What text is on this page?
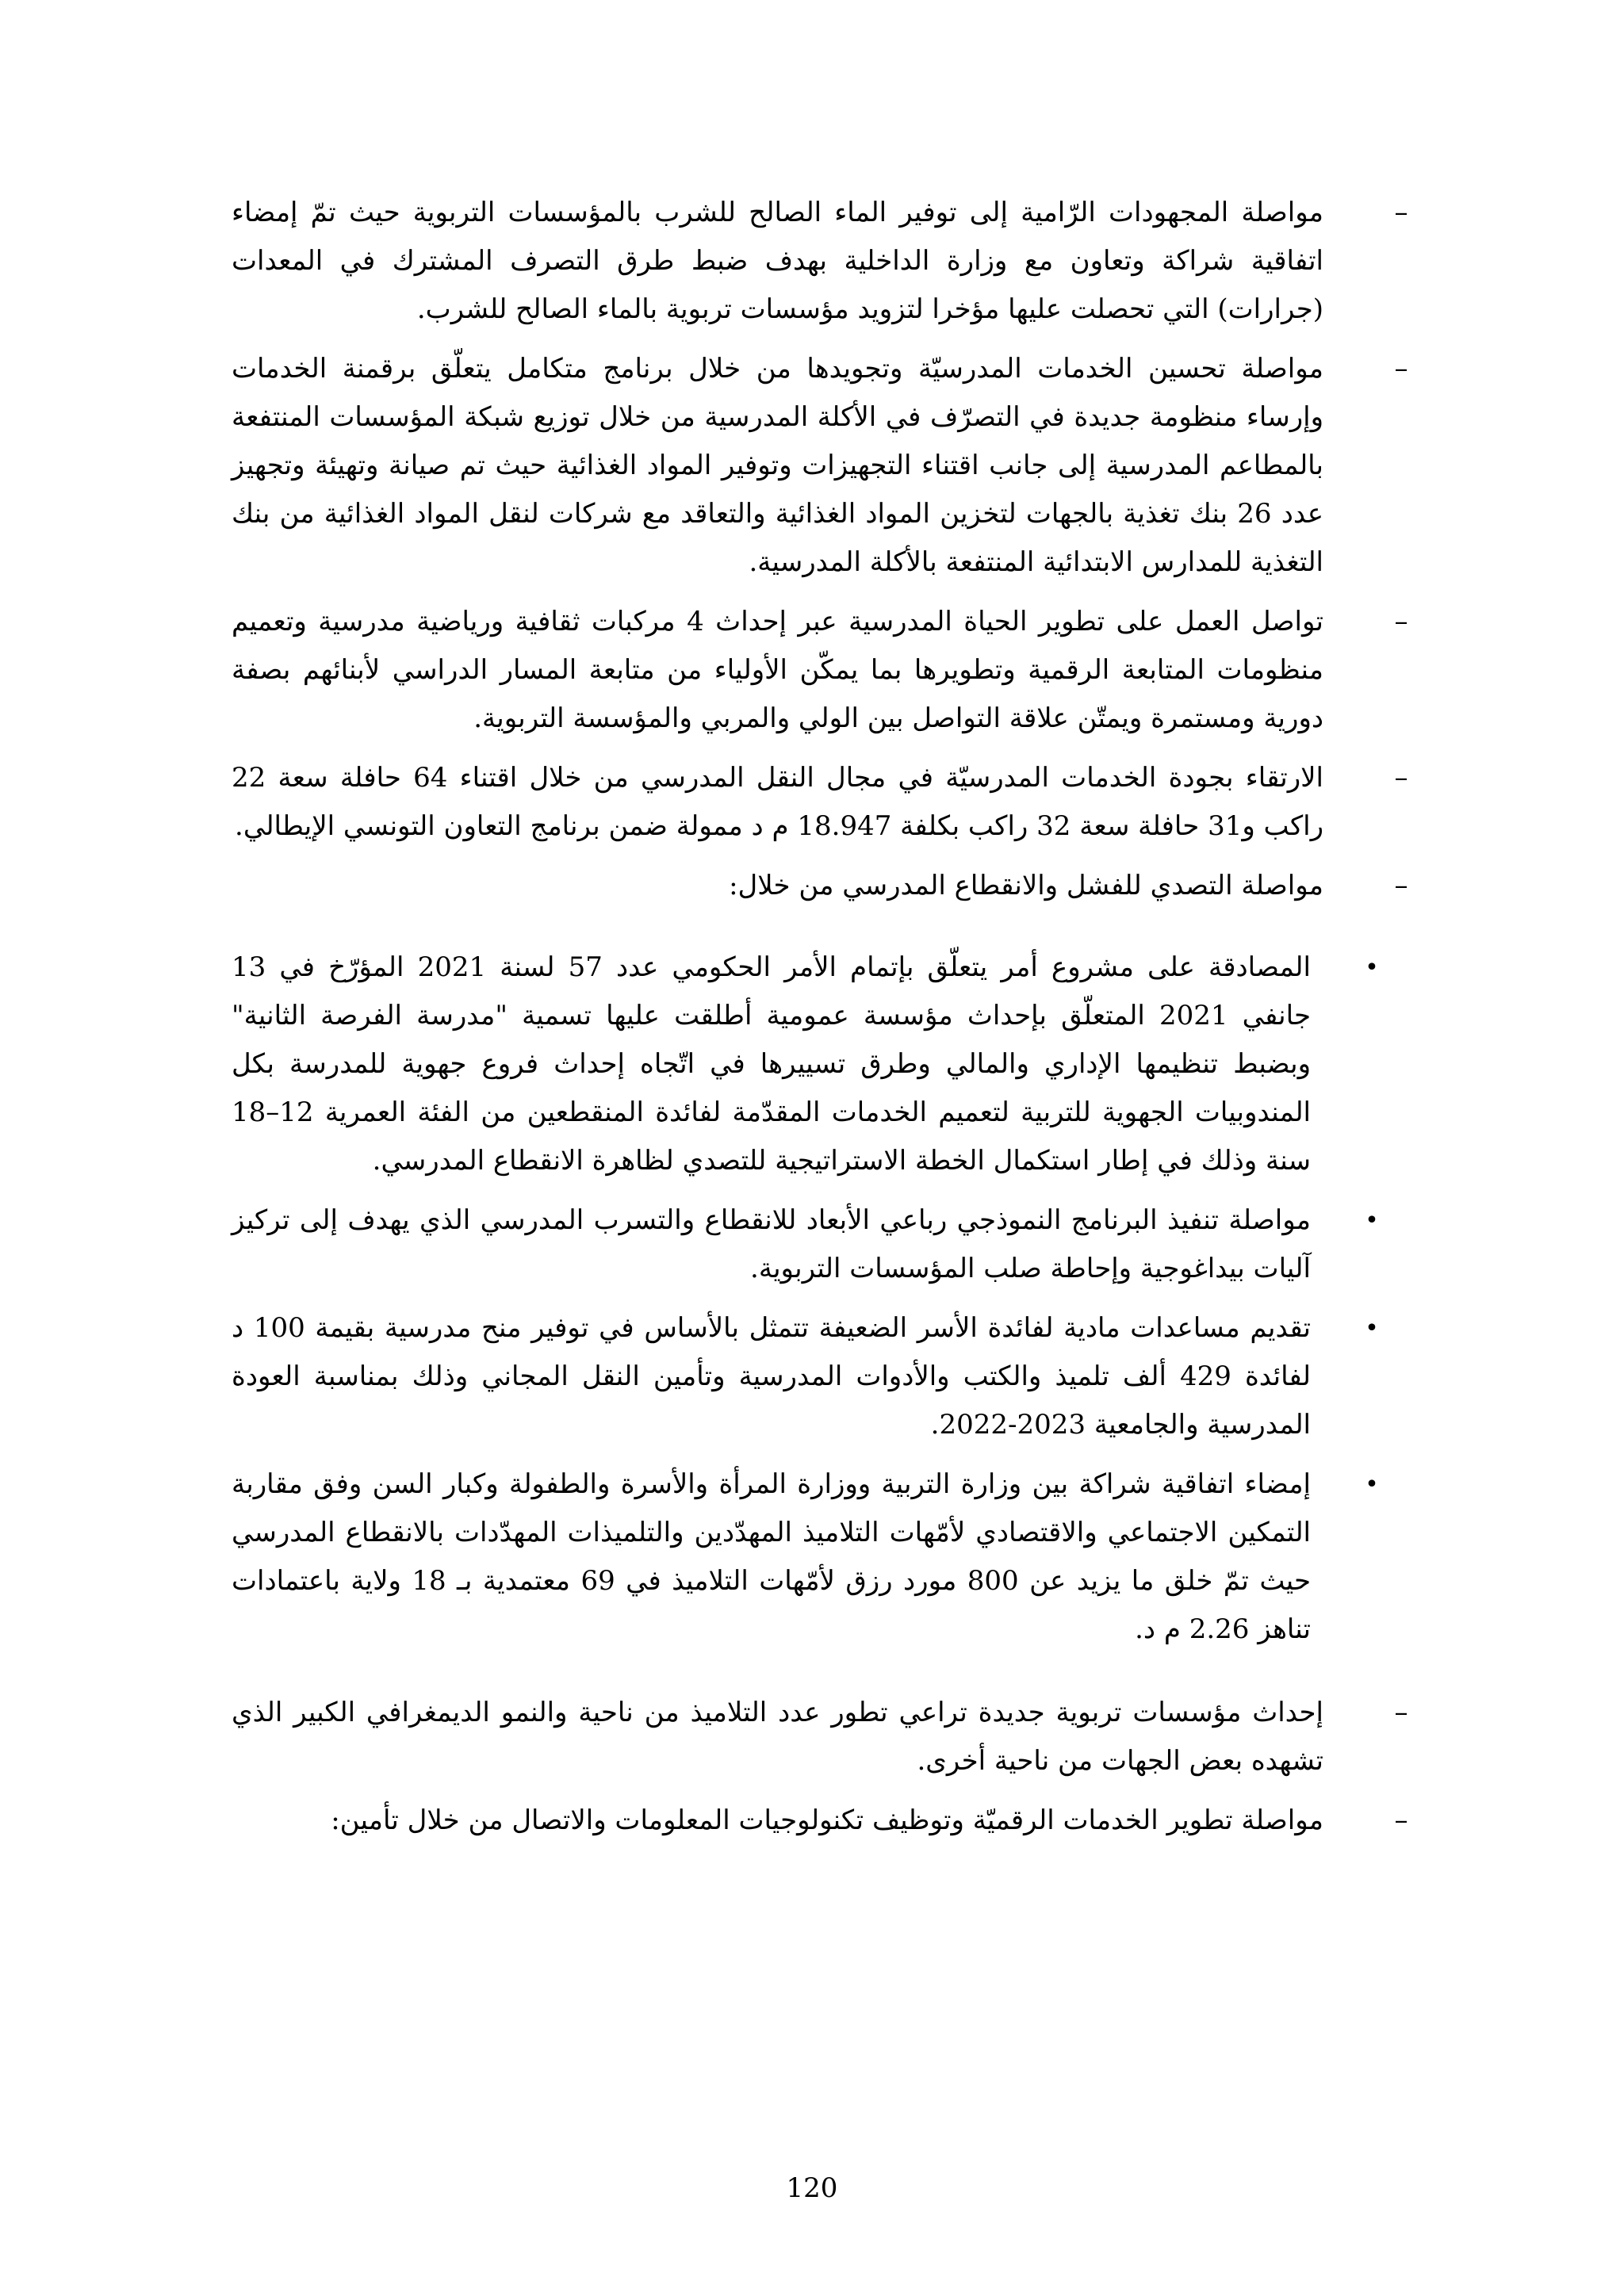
–
مواصلة المجهودات الرّامية إلى توفير الماء الصالح للشرب بالمؤسسات التربوية حيث تمّ إمضاء اتفاقية شراكة وتعاون مع وزارة الداخلية بهدف ضبط طرق التصرف المشترك في المعدات (جرارات) التي تحصلت عليها مؤخرا لتزويد مؤسسات تربوية بالماء الصالح للشرب.
–
مواصلة تحسين الخدمات المدرسيّة وتجويدها من خلال برنامج متكامل يتعلّق برقمنة الخدمات وإرساء منظومة جديدة في التصرّف في الأكلة المدرسية من خلال توزيع شبكة المؤسسات المنتفعة بالمطاعم المدرسية إلى جانب اقتناء التجهيزات وتوفير المواد الغذائية حيث تم صيانة وتهيئة وتجهيز عدد 26 بنك تغذية بالجهات لتخزين المواد الغذائية والتعاقد مع شركات لنقل المواد الغذائية من بنك التغذية للمدارس الابتدائية المنتفعة بالأكلة المدرسية.
–
تواصل العمل على تطوير الحياة المدرسية عبر إحداث 4 مركبات ثقافية ورياضية مدرسية وتعميم منظومات المتابعة الرقمية وتطويرها بما يمكّن الأولياء من متابعة المسار الدراسي لأبنائهم بصفة دورية ومستمرة ويمتّن علاقة التواصل بين الولي والمربي والمؤسسة التربوية.
–
الارتقاء بجودة الخدمات المدرسيّة في مجال النقل المدرسي من خلال اقتناء 64 حافلة سعة 22 راكب و31 حافلة سعة 32 راكب بكلفة 18.947 م د ممولة ضمن برنامج التعاون التونسي الإيطالي.
–
مواصلة التصدي للفشل والانقطاع المدرسي من خلال:
•
المصادقة على مشروع أمر يتعلّق بإتمام الأمر الحكومي عدد 57 لسنة 2021 المؤرّخ في 13 جانفي 2021 المتعلّق بإحداث مؤسسة عمومية أطلقت عليها تسمية "مدرسة الفرصة الثانية" وبضبط تنظيمها الإداري والمالي وطرق تسييرها في اتّجاه إحداث فروع جهوية للمدرسة بكل المندوبيات الجهوية للتربية لتعميم الخدمات المقدّمة لفائدة المنقطعين من الفئة العمرية 12–18 سنة وذلك في إطار استكمال الخطة الاستراتيجية للتصدي لظاهرة الانقطاع المدرسي.
•
مواصلة تنفيذ البرنامج النموذجي رباعي الأبعاد للانقطاع والتسرب المدرسي الذي يهدف إلى تركيز آليات بيداغوجية وإحاطة صلب المؤسسات التربوية.
•
تقديم مساعدات مادية لفائدة الأسر الضعيفة تتمثل بالأساس في توفير منح مدرسية بقيمة 100 د لفائدة 429 ألف تلميذ والكتب والأدوات المدرسية وتأمين النقل المجاني وذلك بمناسبة العودة المدرسية والجامعية 2023-2022.
•
إمضاء اتفاقية شراكة بين وزارة التربية ووزارة المرأة والأسرة والطفولة وكبار السن وفق مقاربة التمكين الاجتماعي والاقتصادي لأمّهات التلاميذ المهدّدين والتلميذات المهدّدات بالانقطاع المدرسي حيث تمّ خلق ما يزيد عن 800 مورد رزق لأمّهات التلاميذ في 69 معتمدية بـ 18 ولاية باعتمادات تناهز 2.26 م د.
–
إحداث مؤسسات تربوية جديدة تراعي تطور عدد التلاميذ من ناحية والنمو الديمغرافي الكبير الذي تشهده بعض الجهات من ناحية أخرى.
–
مواصلة تطوير الخدمات الرقميّة وتوظيف تكنولوجيات المعلومات والاتصال من خلال تأمين:
120
